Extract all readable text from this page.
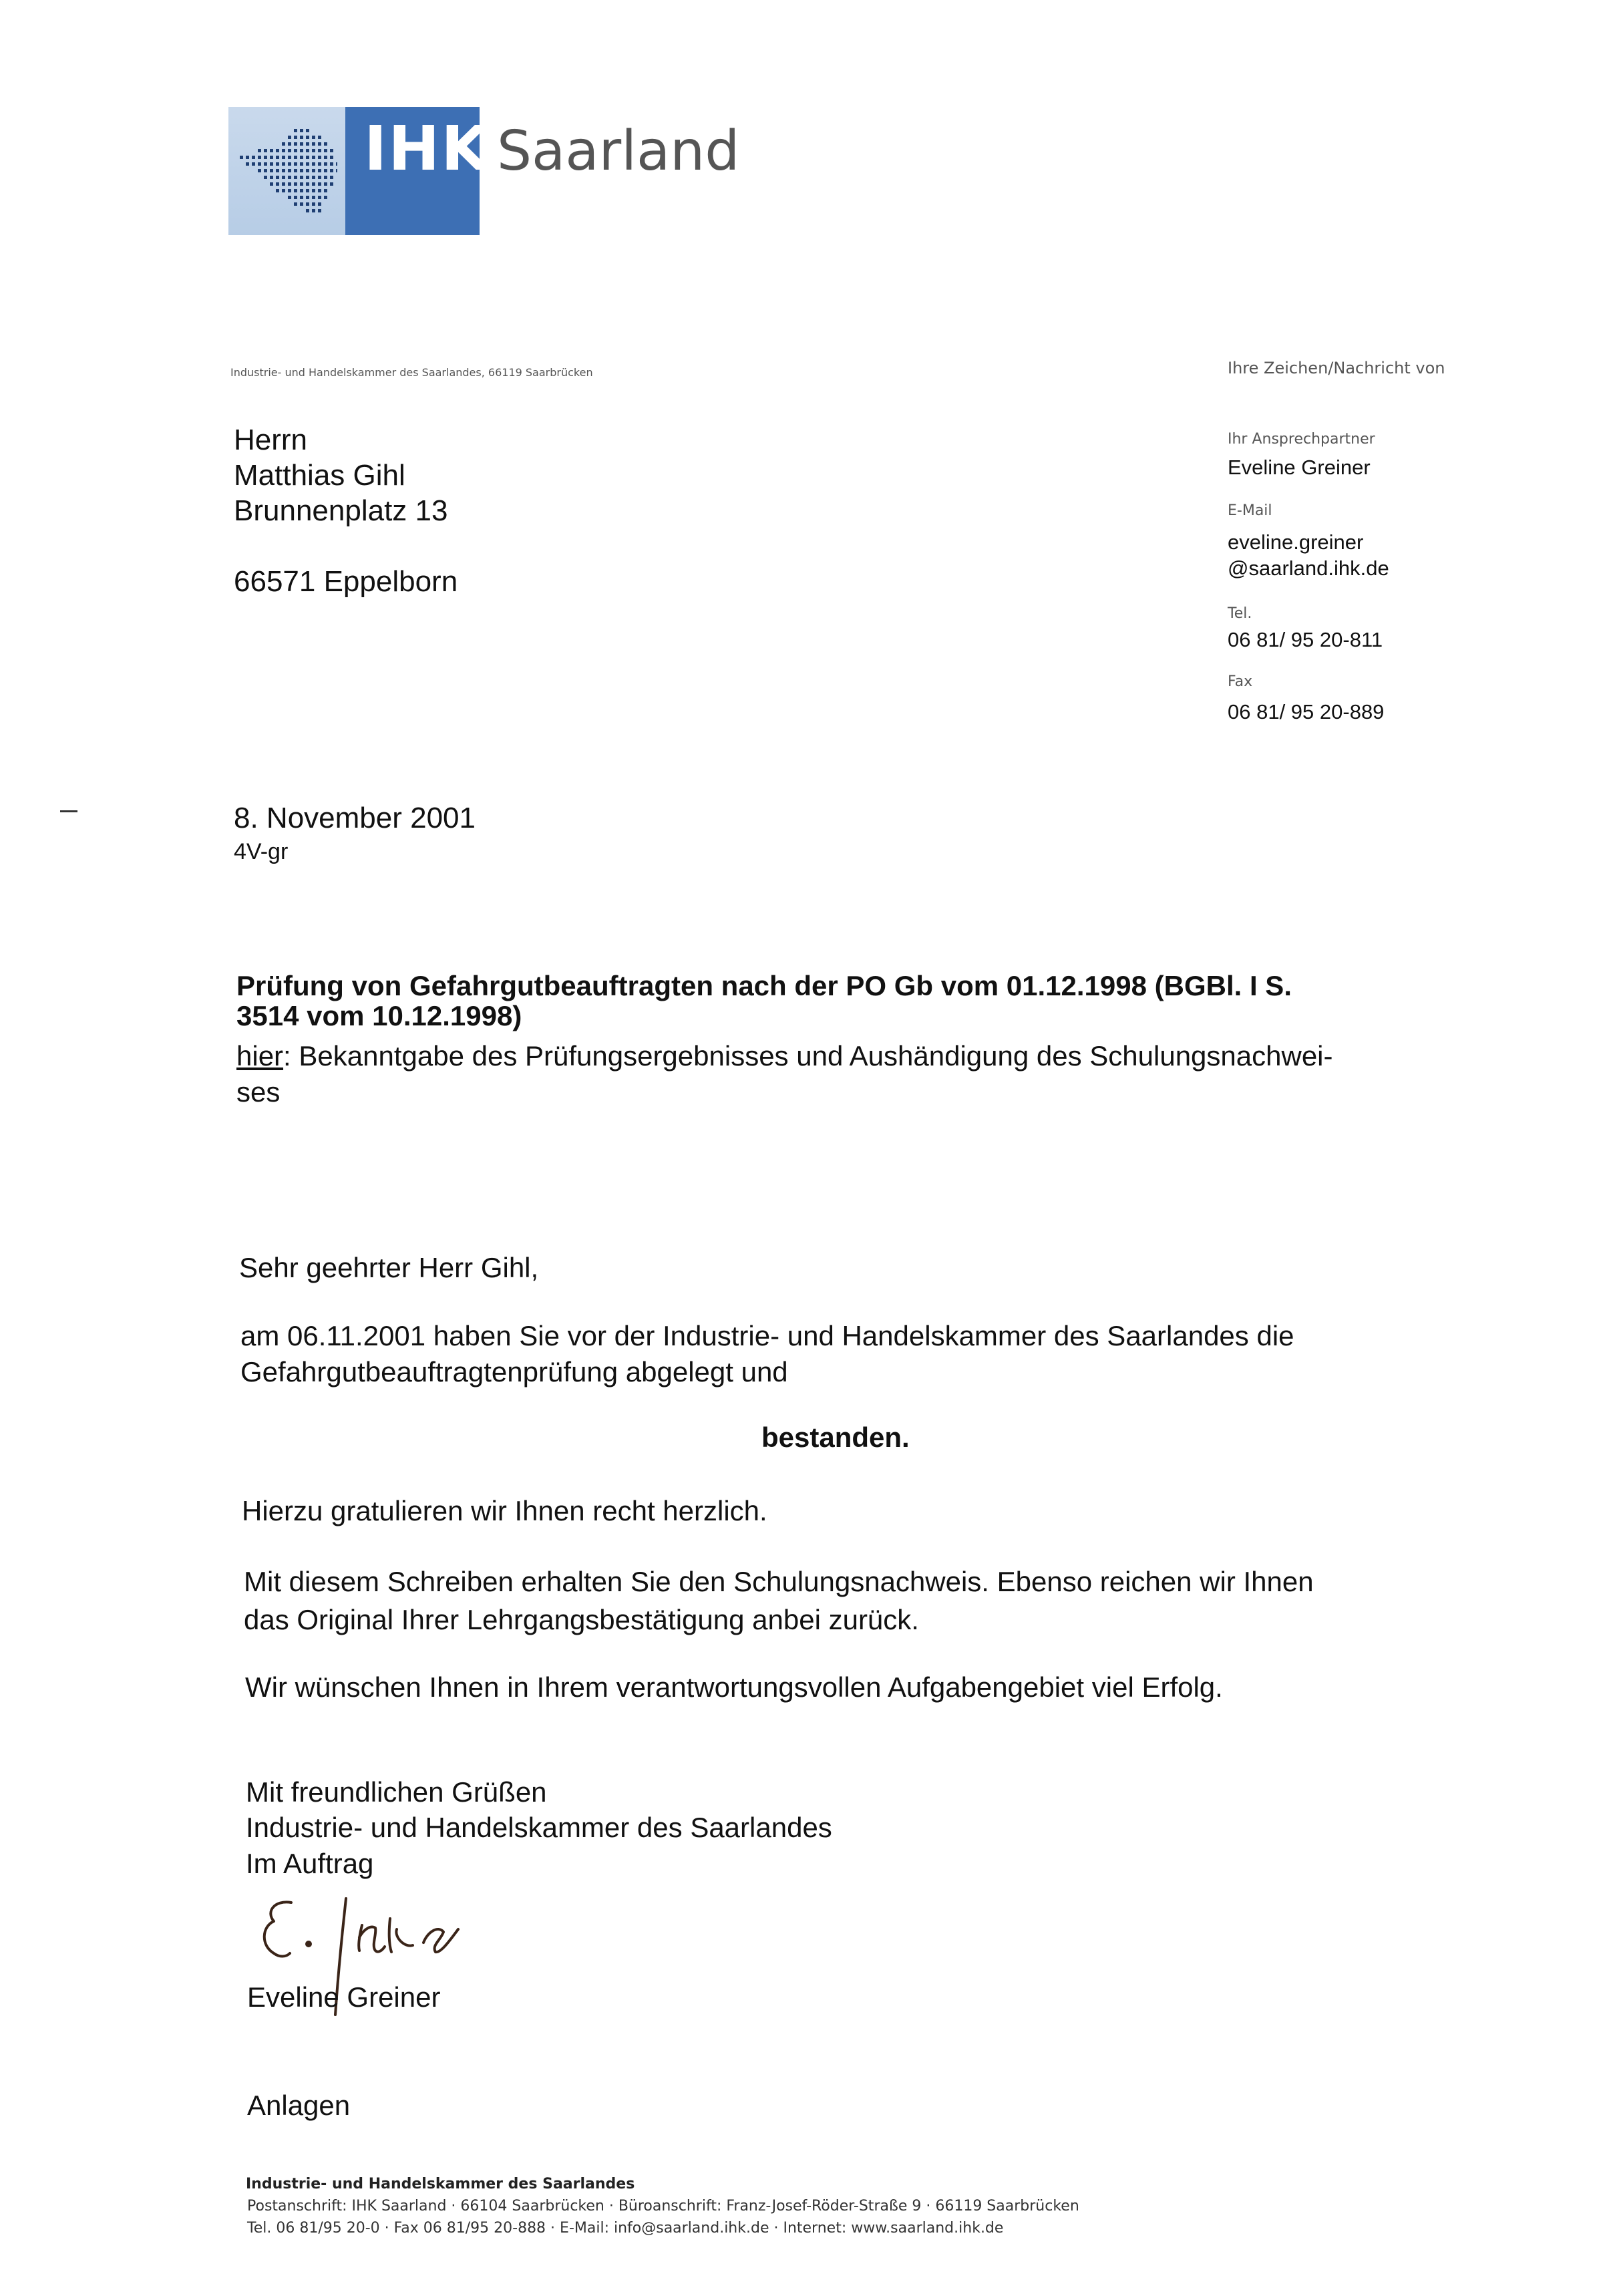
IHK Saarland
Industrie- und Handelskammer des Saarlandes, 66119 Saarbrücken	Ihre Zeichen/Nachricht von
Ihr Ansprechpartner
Eveline Greiner
E-Mail
eveline.greiner
@saarland.ihk.de
Tel.
06 81/ 95 20-811
Fax
06 81/ 95 20-889
Herrn
Matthias Gihl
Brunnenplatz 13
66571 Eppelborn
8. November 2001
4V-gr
Prüfung von Gefahrgutbeauftragten nach der PO Gb vom 01.12.1998 (BGBl. I S.
3514 vom 10.12.1998)
hier: Bekanntgabe des Prüfungsergebnisses und Aushändigung des Schulungsnachwei-
ses
Sehr geehrter Herr Gihl,
am 06.11.2001 haben Sie vor der Industrie- und Handelskammer des Saarlandes die
Gefahrgutbeauftragtenprüfung abgelegt und
bestanden.
Hierzu gratulieren wir Ihnen recht herzlich.
Mit diesem Schreiben erhalten Sie den Schulungsnachweis. Ebenso reichen wir Ihnen
das Original Ihrer Lehrgangsbestätigung anbei zurück.
Wir wünschen Ihnen in Ihrem verantwortungsvollen Aufgabengebiet viel Erfolg.
Mit freundlichen Grüßen
Industrie- und Handelskammer des Saarlandes
Im Auftrag
Eveline Greiner
Anlagen
Industrie- und Handelskammer des Saarlandes
Postanschrift: IHK Saarland · 66104 Saarbrücken · Büroanschrift: Franz-Josef-Röder-Straße 9 · 66119 Saarbrücken
Tel. 06 81/95 20-0 · Fax 06 81/95 20-888 · E-Mail: info@saarland.ihk.de · Internet: www.saarland.ihk.de
